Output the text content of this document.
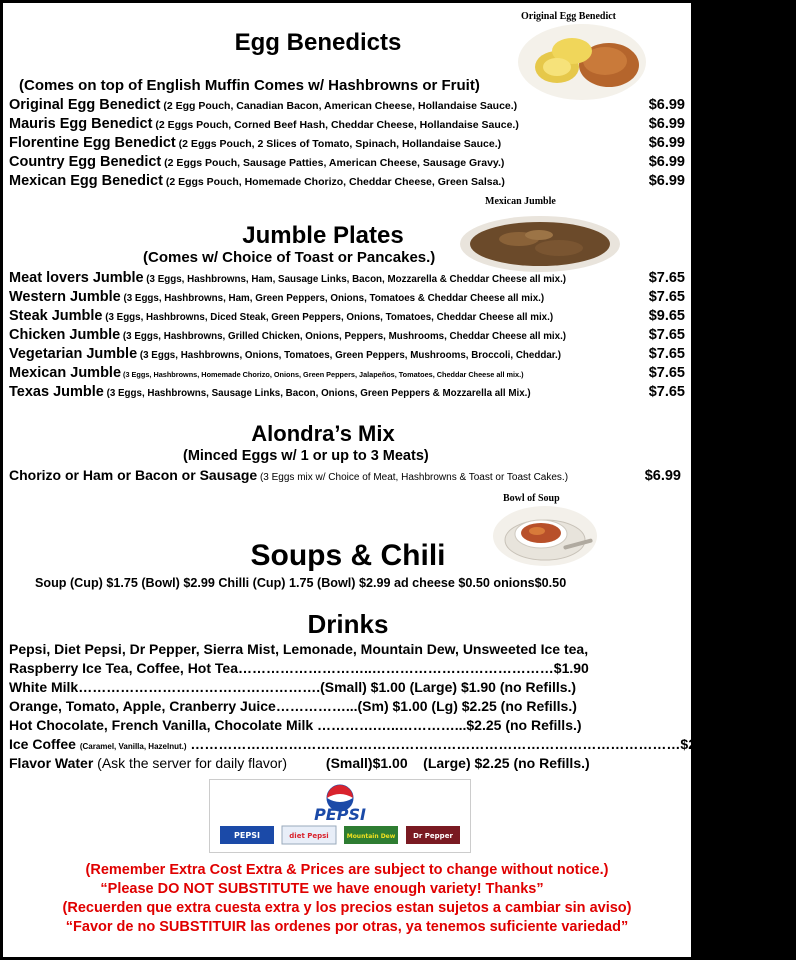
Egg Benedicts
Original Egg Benedict
(Comes on top of English Muffin Comes w/ Hashbrowns or Fruit)
Original Egg Benedict (2 Egg Pouch, Canadian Bacon, American Cheese, Hollandaise Sauce.)	$6.99
Mauris Egg Benedict (2 Eggs Pouch, Corned Beef Hash, Cheddar Cheese, Hollandaise Sauce.)	$6.99
Florentine Egg Benedict (2 Eggs Pouch, 2 Slices of Tomato, Spinach, Hollandaise Sauce.)	$6.99
Country Egg Benedict (2 Eggs Pouch, Sausage Patties, American Cheese, Sausage Gravy.)	$6.99
Mexican Egg Benedict (2 Eggs Pouch, Homemade Chorizo, Cheddar Cheese, Green Salsa.)	$6.99
Mexican Jumble
Jumble Plates
(Comes w/ Choice of Toast or Pancakes.)
Meat lovers Jumble (3 Eggs, Hashbrowns, Ham, Sausage Links, Bacon, Mozzarella & Cheddar Cheese all mix.)	$7.65
Western Jumble (3 Eggs, Hashbrowns, Ham, Green Peppers, Onions, Tomatoes & Cheddar Cheese all mix.)	$7.65
Steak Jumble (3 Eggs, Hashbrowns, Diced Steak, Green Peppers, Onions, Tomatoes, Cheddar Cheese all mix.)	$9.65
Chicken Jumble (3 Eggs, Hashbrowns, Grilled Chicken, Onions, Peppers, Mushrooms, Cheddar Cheese all mix.)	$7.65
Vegetarian Jumble (3 Eggs, Hashbrowns, Onions, Tomatoes, Green Peppers, Mushrooms, Broccoli, Cheddar.)	$7.65
Mexican Jumble (3 Eggs, Hashbrowns, Homemade Chorizo, Onions, Green Peppers, Jalapeños, Tomatoes, Cheddar Cheese all mix.)	$7.65
Texas Jumble (3 Eggs, Hashbrowns, Sausage Links, Bacon, Onions, Green Peppers & Mozzarella all Mix.)	$7.65
Alondra’s Mix
(Minced Eggs w/ 1 or up to 3 Meats)
Chorizo or Ham or Bacon or Sausage (3 Eggs mix w/ Choice of Meat, Hashbrowns & Toast or Toast Cakes.)	$6.99
Bowl of Soup
Soups & Chili
Soup (Cup) $1.75 (Bowl) $2.99 Chilli (Cup) 1.75 (Bowl) $2.99 ad cheese $0.50 onions$0.50
Drinks
Pepsi, Diet Pepsi, Dr Pepper, Sierra Mist, Lemonade, Mountain Dew, Unsweeted Ice tea,
Raspberry Ice Tea, Coffee, Hot Tea………………………..…………………………………$1.90
White Milk…………………………………………….(Small) $1.00 (Large) $1.90 (no Refills.)
Orange, Tomato, Apple, Cranberry Juice……………...(Sm) $1.00 (Lg) $2.25 (no Refills.)
Hot Chocolate, French Vanilla, Chocolate Milk ………….…..…………...$2.25 (no Refills.)
Ice Coffee (Caramel, Vanilla, Hazelnut.) ……………………………………………………………………………………………$2.25 (no Refills.)
Flavor Water (Ask the server for daily flavor)          (Small)$1.00    (Large) $2.25 (no Refills.)
PEPSI
PEPSI	diet Pepsi	Mountain Dew	Dr Pepper
(Remember Extra Cost Extra & Prices are subject to change without notice.)
“Please DO NOT SUBSTITUTE we have enough variety! Thanks”
(Recuerden que extra cuesta extra y los precios estan sujetos a cambiar sin aviso)
“Favor de no SUBSTITUIR las ordenes por otras, ya tenemos suficiente variedad”
